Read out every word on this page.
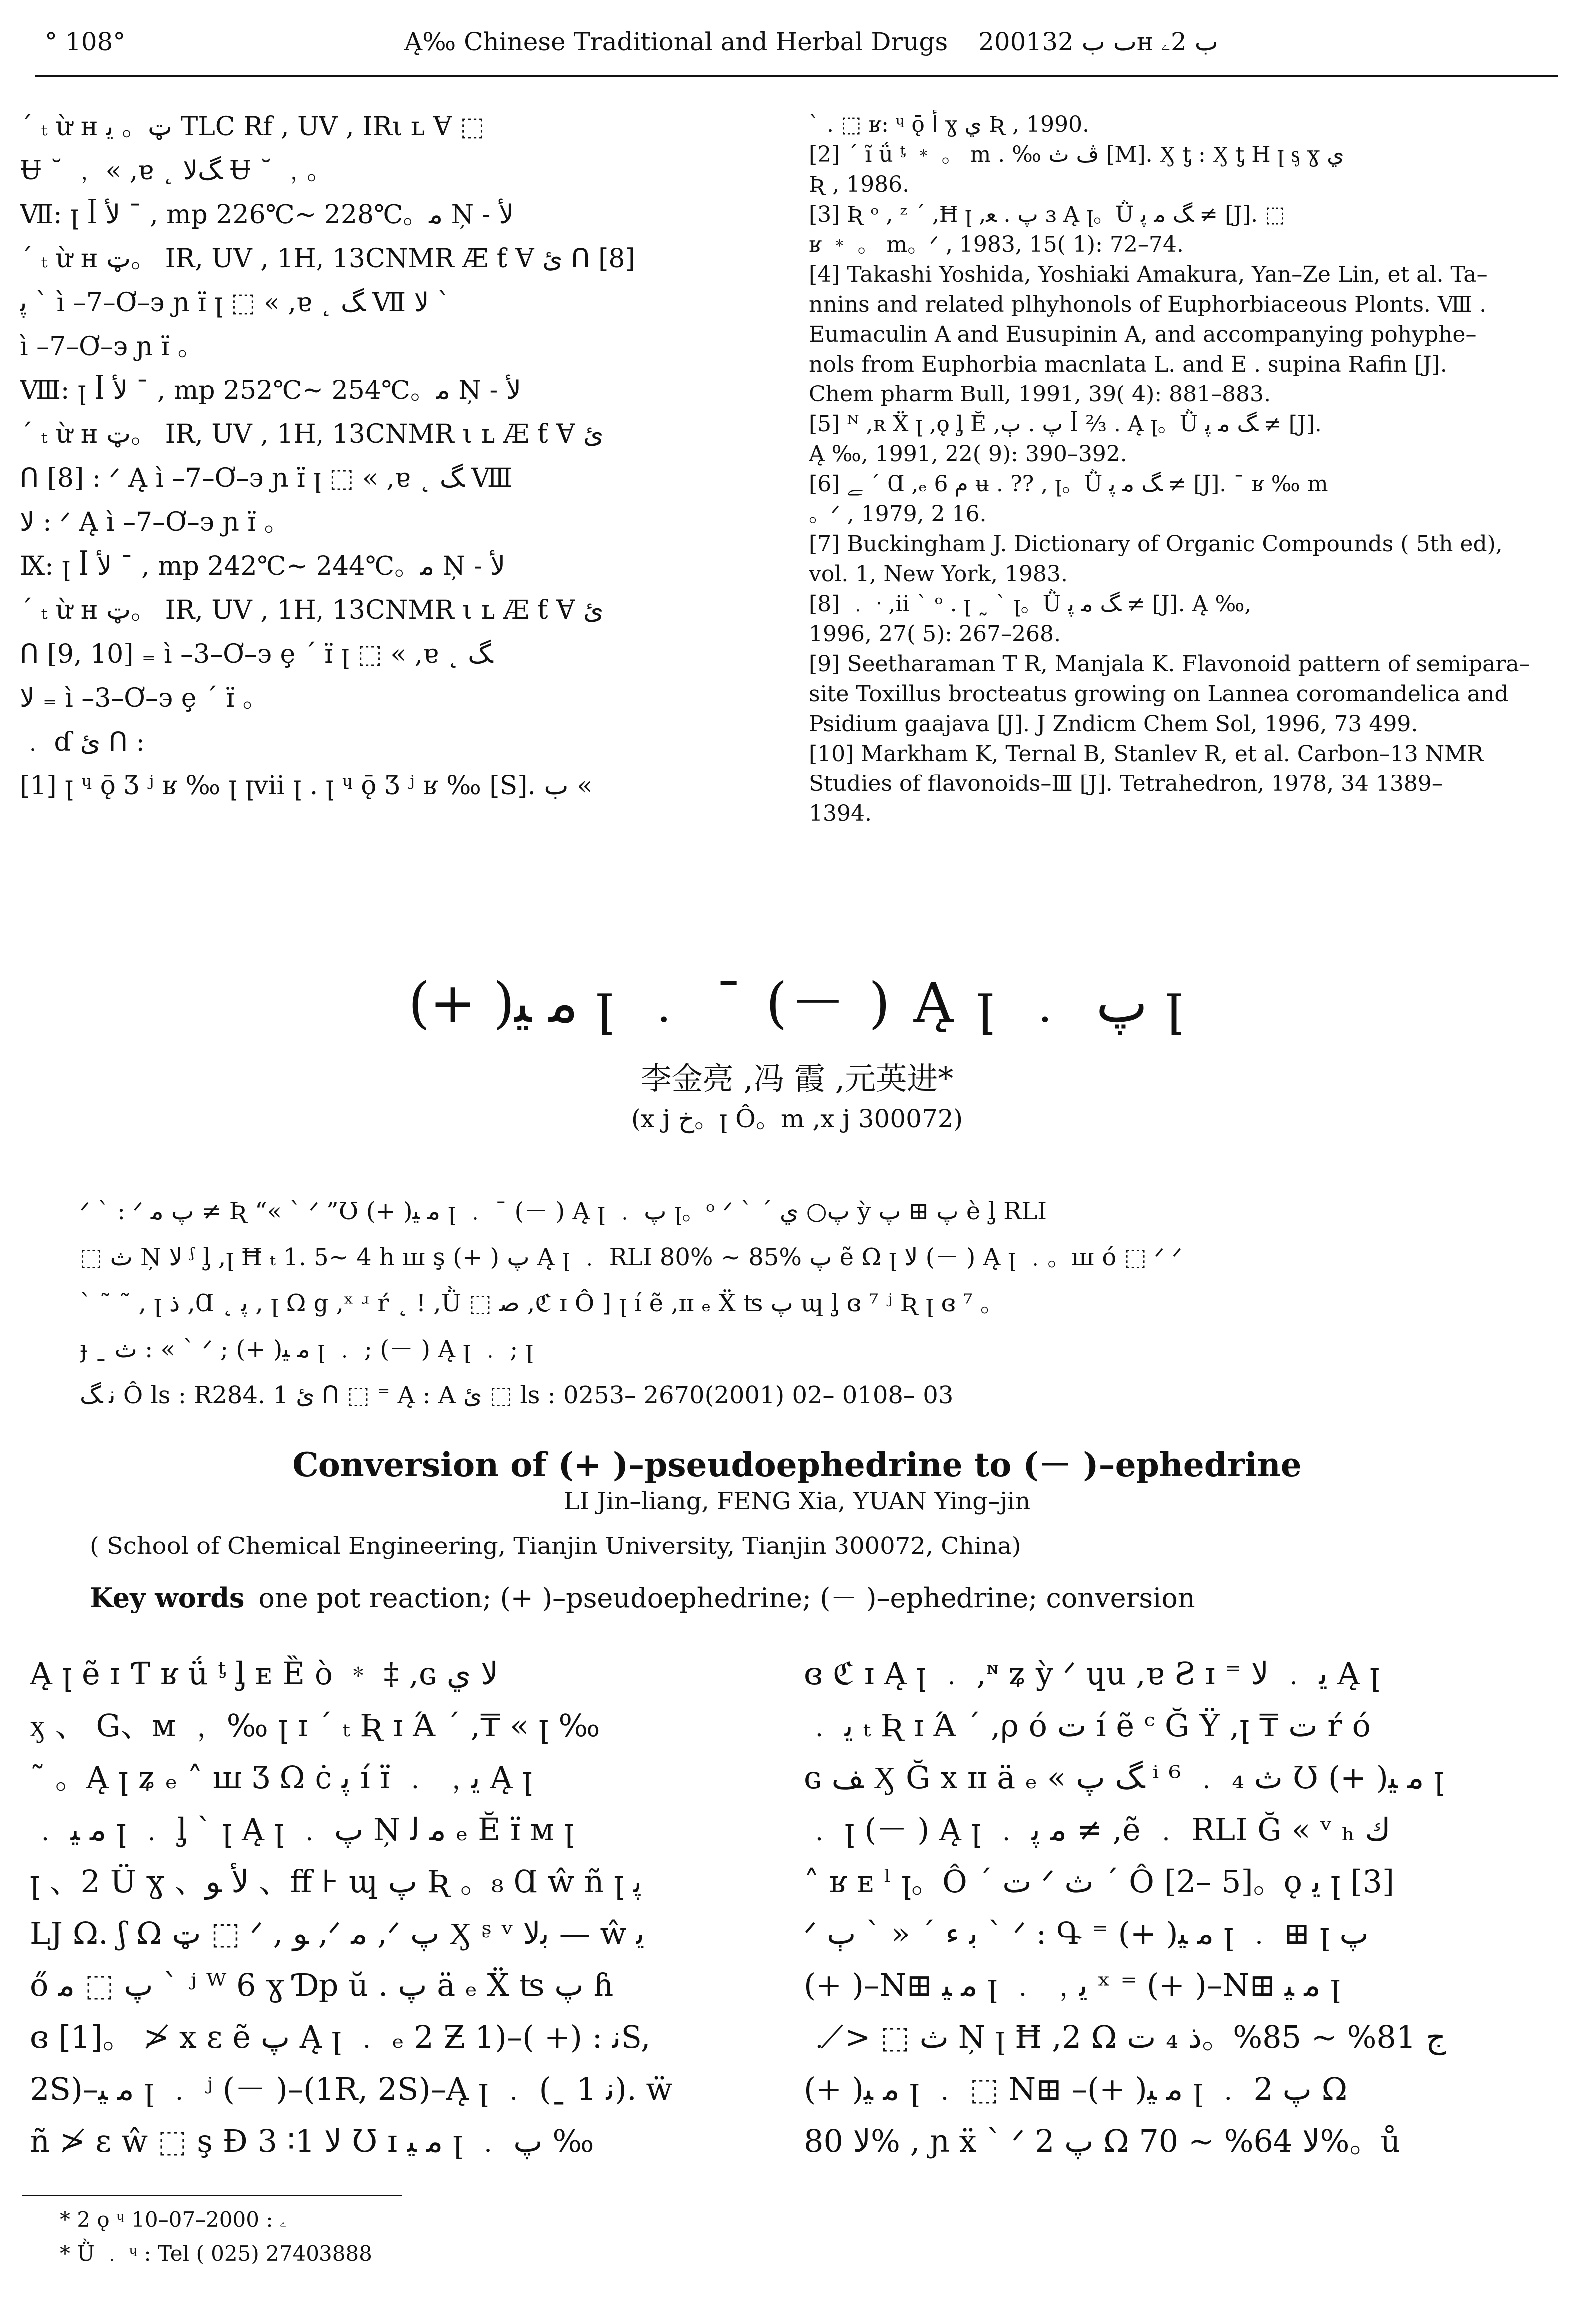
° 108°	Ą‰ Chinese Traditional and Herbal Drugs 2001ٮ ب 32ʜ ب 2ۦ
ˊ ₜ ừ ʜ ټ。 ﻳ TLC Rf , UV , IRι ʟ Ɐ ⬚
Ʉ ˘ ﹐ « ,ɐ ˛ ﮓﻻ Ʉ ˘ ﹐。
Ⅶ: ꞁ ꟾ ﻷ ˉ , mp 226℃~ 228℃。ﻣ Ņ ˗ ﻷ
ˊ ₜ ừ ʜ ټ。 IR, UV , 1H, 13CNMR Æ ƭ Ɐ ئ ᑎ [8]
ﭘ ˋ ì –7–Ơ–϶ ɲ ɪ̈ ꞁ ⬚ « ,ɐ ˛ ﮓ Ⅶ ﻻ ˋ
ì –7–Ơ–϶ ɲ ɪ̈ 。
Ⅷ: ꞁ ꟾ ﻷ ˉ , mp 252℃~ 254℃。ﻣ Ņ ˗ ﻷ
ˊ ₜ ừ ʜ ټ。 IR, UV , 1H, 13CNMR ι ʟ Æ ƭ Ɐ ئ
ᑎ [8] : ᐟ Ą ì –7–Ơ–϶ ɲ ɪ̈ ꞁ ⬚ « ,ɐ ˛ ﮓ Ⅷ
ﻻ : ᐟ Ą ì –7–Ơ–϶ ɲ ɪ̈ 。
Ⅸ: ꞁ ꟾ ﻷ ˉ , mp 242℃~ 244℃。ﻣ Ņ ˗ ﻷ
ˊ ₜ ừ ʜ ټ。 IR, UV , 1H, 13CNMR ι ʟ Æ ƭ Ɐ ئ
ᑎ [9, 10] ₌ ì –3–Ơ–϶ ȩ ˊ ɪ̈ ꞁ ⬚ « ,ɐ ˛ ﮓ
ﻻ ₌ ì –3–Ơ–϶ ȩ ˊ ɪ̈ 。
﹒ ɗ ئ ᑎ :
[1] ꞁ ᶣ ǭ Ʒ ʲ ʁ ‰ ꞁ ꞁvii ꞁ . ꞁ ᶣ ǭ Ʒ ʲ ʁ ‰ [S]. ب «
ˋ . ⬚ ʁ: ᶣ ǭ ﺃ ɣ ي Ʀ , 1990.
[2] ˊ ĩ ǘ ᶵ ﹡ 。 m . ‰ ﭪ ﺙ [M]. Ӽ ƫ : Ӽ ƫ H ꞁ ᶊ ɣ ي
Ʀ , 1986.
[3] Ʀ ᵒ , ᶻ ˊ ,Ħ ꞁ ,ﭖ . ﻌ ɜ Ą ꞁ。Ǜ ﮓ ﻣ ﭘ ≠ [J]. ⬚
ʁ ﹡ 。 m。ᐟ , 1983, 15( 1): 72–74.
[4] Takashi Yoshida, Yoshiaki Amakura, Yan–Ze Lin, et al. Ta–
nnins and related plhyhonols of Euphorbiaceous Plonts. Ⅷ .
Eumaculin A and Eusupinin A, and accompanying pohyphe–
nols from Euphorbia macnlata L. and E . supina Rafin [J].
Chem pharm Bull, 1991, 39( 4): 881–883.
[5] ᴺ ,ʀ Ẍ ꞁ ,ǫ ᶅ Ĕ ,ﭖ . ٻ ꟾ ⅔ . Ą ꞁ。Ǜ ﮓ ﻣ ﭘ ≠ [J].
Ą ‰, 1991, 22( 9): 390–392.
[6] ﮯ ˊ Ɑ ,ₑ 6 ﻡ ʉ . ?? , ꞁ。Ǜ ﮓ ﻣ ﭘ ≠ [J]. ˉ ʁ ‰ m
。ᐟ , 1979, 2 16.
[7] Buckingham J. Dictionary of Organic Compounds ( 5th ed),
vol. 1, New York, 1983.
[8] ﹒ ᐧ ,ii ˋ ᵒ . ꞁ ˷ ˋ ꞁ。Ǜ ﮓ ﻣ ﭘ ≠ [J]. Ą ‰,
1996, 27( 5): 267–268.
[9] Seetharaman T R, Manjala K. Flavonoid pattern of semipara–
site Toxillus brocteatus growing on Lannea coromandelica and
Psidium gaajava [J]. J Zndicm Chem Sol, 1996, 73 499.
[10] Markham K, Ternal B, Stanlev R, et al. Carbon–13 NMR
Studies of flavonoids–Ⅲ [J]. Tetrahedron, 1978, 34 1389–
1394.
(+ )ﻣ ﻴ ꞁ ﹒ ˉ (－ ) Ą ꞁ ﹒ ﭖ ꞁ
李金亮 ,冯 霞 ,元英进*
(x j ﺥ。ꞁ Ô。m ,x j 300072)
ᐟ ˋ : ᐟ ﭖ ﻣ ≠ Ʀ “« ˋ ᐟ ”Ʊ (+ )ﻣ ﻴ ꞁ ﹒ ˉ (－ ) Ą ꞁ ﹒ ﭖ ꞁ。ᵒ ᐟ ˋ ˊ ﭖ○ ي ỳ ﭖ ⊞ ﭖ è ᶅ RLI
⬚ ﺙ Ņ ﻻ ᶴ ᶅ ,ꞁ Ħ ₜ 1. 5~ 4 h ꟺ ş (+ ) ﭖ Ą ꞁ ﹒ RLI 80% ~ 85% ﭖ ẽ Ω ꞁ ﻻ (－ ) Ą ꞁ ﹒。ꟺ ó ⬚ ᐟ ᐟ
ˋ ˜ ˜ , ꞁ ﺫ ,Ɑ ˛ ﭘ , ꞁ Ω g ,ˣ ʴ ŕ ˛ ! ,Ǜ ⬚ ﺻ ,ℭ ɪ Ô ] ꞁ í ẽ ,ɪɪ ₑ Ẍ ʦ ﭖ ɰ ᶅ ɞ ⁷ ʲ Ʀ ꞁ ɞ ⁷ 。
ɟ ˍ ﺙ : « ˋ ᐟ ; (+ )ﻣ ﻴ ꞁ ﹒ ; (－ ) Ą ꞁ ﹒ ; ꞁ
ﻧ ﮓ Ô ls : R284. 1 ئ ᑎ ⬚ ⁼ Ą : A ئ ⬚ ls : 0253– 2670(2001) 02– 0108– 03
Conversion of (+ )–pseudoephedrine to (－ )–ephedrine
LI Jin–liang, FENG Xia, YUAN Ying–jin
( School of Chemical Engineering, Tianjin University, Tianjin 300072, China)
Key words one pot reaction; (+ )–pseudoephedrine; (－ )–ephedrine; conversion
Ą ꞁ ẽ ɪ Ƭ ʁ ǘ ᶵ ᶅ ᴇ Ȅ ò ﹡ ‡ ,ɢ ﻻ ي
ӽ 、 G、ᴍ ﹐ ‰ ꞁ ɪ ˊ ₜ Ʀ ɪ Ά ˊ ,₸ « ꞁ ‰
˜ 。Ą ꞁ ʑ ₑ ˄ ꟺ Ʒ Ω ċ ﭘ í ɪ̈ ﹒ ﹐ﻳ Ą ꞁ
﹒ ﻣ ﻴ ꞁ ﹒ ᶅ ˋ ꞁ Ą ꞁ ﹒ ﭖ Ņ ﻣ ﻟ ₑ Ĕ ɪ̈ ᴍ ꞁ
ꞁ 、2 Ü ɣ 、ﻷ ﻮ 、ff ⊦ ɰ ﭖ Ʀ 。₈ Ɑ ŵ ñ ꞁ ﭘ
LJ Ω. ʃ Ω ټ ⬚ ᐟ , ﻮ ,ᐟ ﻣ ,ᐟ ﭖ Ӽ ᶳ ᵛ ﺑﻻ — ŵ ﻳ
ő ﭖ ⬚ ﻣ ˋ ʲ ᵂ 6 ɣ Ɗp ŭ . ﭖ ä ₑ Ẍ ʦ ﭖ ɦ
ɞ [1]。 ≯ x ɛ ẽ ﭖ Ą ꞁ ﹒ ₑ 2 Ƶ ﻧ : (+ )–(1S,
2S)–ﻣ ﻴ ꞁ ﹒ ʲ (－ )–(1R, 2S)–Ą ꞁ ﹒ (ˍ ﻧ 1). ẅ
ñ ≯ ɛ ŵ ⬚ ş Ɖ ﻻ 1∶ 3 Ʊ ɪ ﻣ ﻴ ꞁ ﹒ ﭖ ‰
ɞ ℭ ɪ Ą ꞁ ﹒ ,ᶰ ʑ ỳ ᐟ ɥu ,ɐ Ƨ ɪ ⁼ ﻳ ﹒ ﻻ Ą ꞁ
﹒ ﻳ ₜ Ʀ ɪ Ά ˊ ,ρ ó ﺕ í ẽ ᶜ Ğ Ÿ ,ꞁ ₸ ﺕ ŕ ó
ɢ ﻒ Ӽ Ğ x ɪɪ ä ₑ « ﮓ ﭖ ⁱ ⁶ ﹒ ₄ ﺙ Ʊ (+ )ﻣ ﻴ ꞁ
﹒ ꞁ (－ ) Ą ꞁ ﹒ ﻣ ﭘ ≠ ,ẽ ﹒ RLI Ğ « ᵛ ₕ ﻙ
˄ ʁ ᴇ ˡ ꞁ。Ô ˊ ﺕ ᐟ ﺙ ˊ Ô [2– 5]。ǫ ﻳ ꞁ [3]
ᐟ ﺑ ﺀ ˊ « ˋ ٻ ˋ ᐟ : Գ ⁼ (+ )ﻣ ﻴ ꞁ ﹒ ⊞ ꞁ ﭖ
(+ )–N⊞ ﻣ ﻴ ꞁ ﹒ ﹐ﻳ ˣ ⁼ (+ )–N⊞ ﻣ ﻴ ꞁ
﹒ ≯ ⬚ ﺙ Ņ ꞁ Ħ ,2 Ω ج 81% ~ 85%。ﺫ ₄ ﺕ
(+ )ﻣ ﻴ ꞁ ﹒ ⬚ N⊞ –(+ )ﻣ ﻴ ꞁ ﹒ ﭖ 2 Ω
ﻻ 80% , ɲ ẍ ˋ ᐟ ﭖ 2 Ω ﻻ 64% ~ 70%。ů
* 2 ǫ ᶣ ۦ : 2000–07–10
* Ǜ ﹒ ᶣ : Tel ( 025) 27403888
